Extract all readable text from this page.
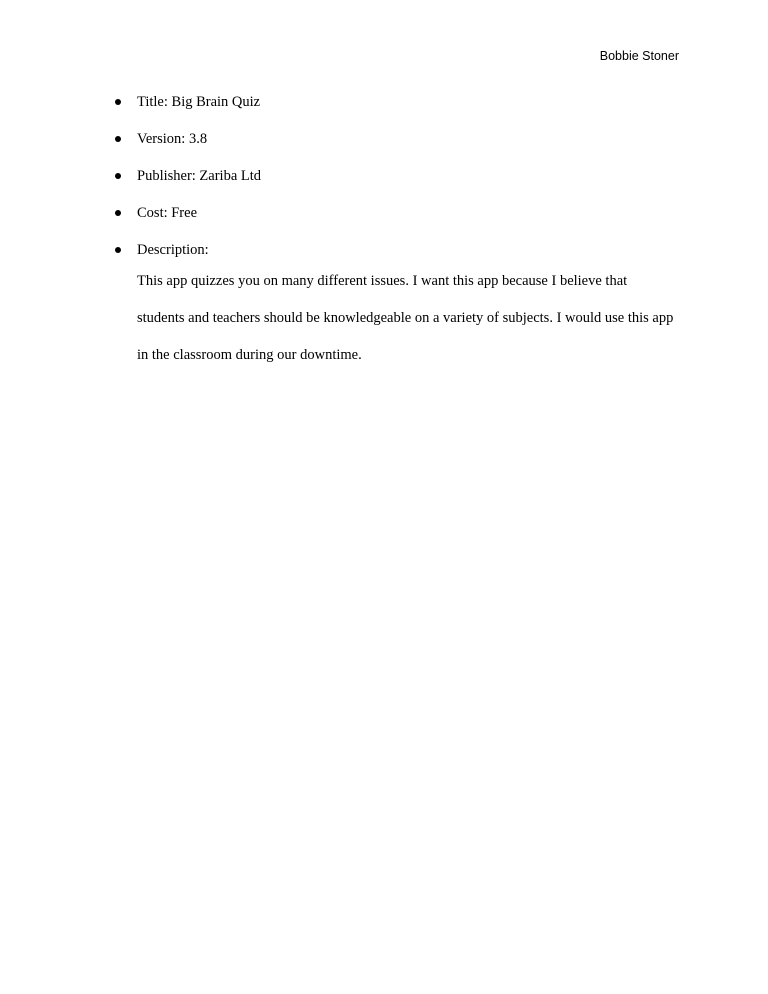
Bobbie Stoner
Title: Big Brain Quiz
Version: 3.8
Publisher: Zariba Ltd
Cost: Free
Description:

This app quizzes you on many different issues. I want this app because I believe that students and teachers should be knowledgeable on a variety of subjects. I would use this app in the classroom during our downtime.
